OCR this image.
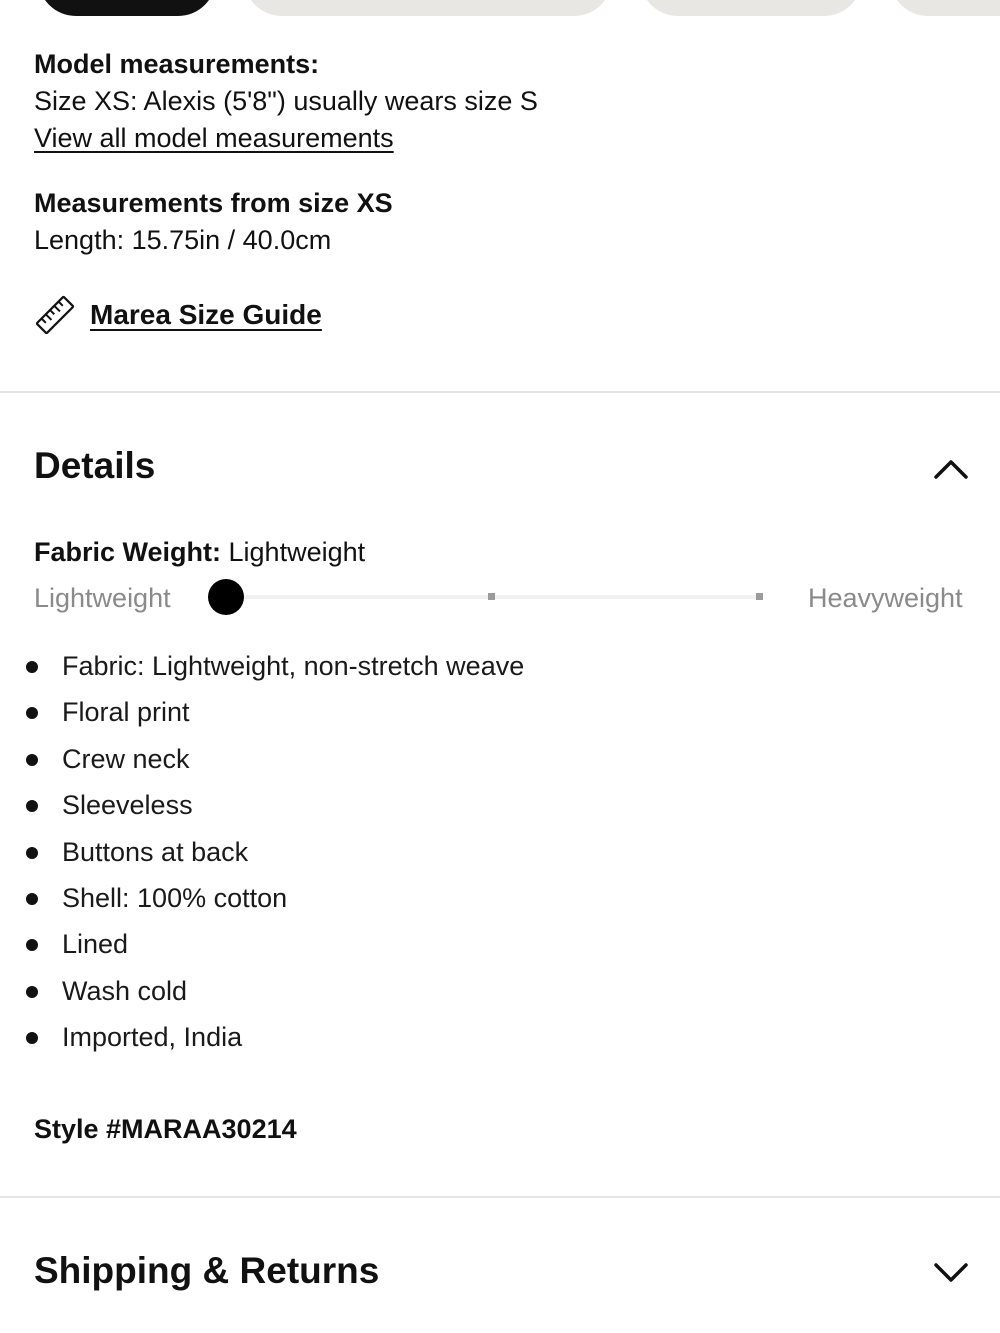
Model measurements:
Size XS: Alexis (5'8") usually wears size S
View all model measurements
Measurements from size XS
Length: 15.75in / 40.0cm
Marea Size Guide
Details
Fabric Weight: Lightweight
Lightweight	Heavyweight
Fabric: Lightweight, non-stretch weave
Floral print
Crew neck
Sleeveless
Buttons at back
Shell: 100% cotton
Lined
Wash cold
Imported, India
Style #MARAA30214
Shipping & Returns
